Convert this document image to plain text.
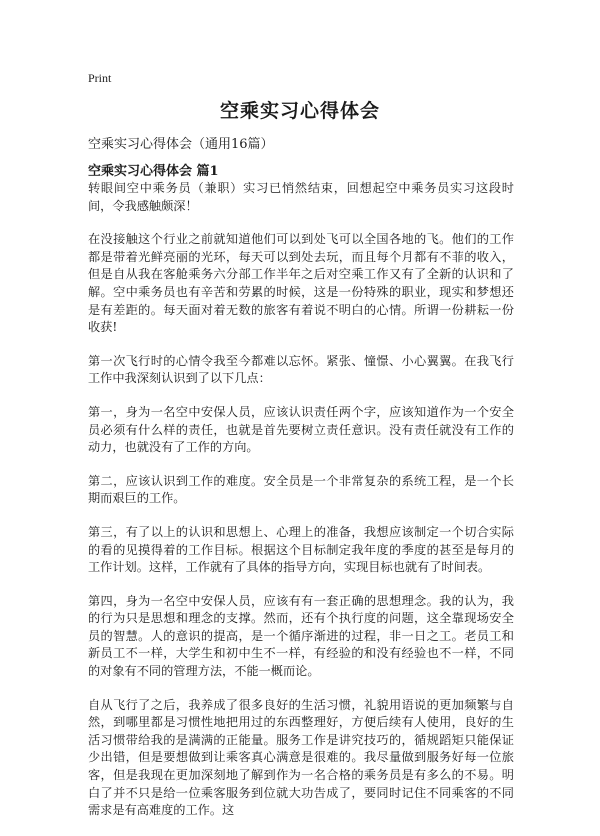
Print
空乘实习心得体会

空乘实习心得体会（通用16篇）

空乘实习心得体会 篇1

转眼间空中乘务员（兼职）实习已悄然结束，回想起空中乘务员实习这段时间，令我感触颇深！

在没接触这个行业之前就知道他们可以到处飞可以全国各地的飞。他们的工作都是带着光鲜亮丽的光环，每天可以到处去玩，而且每个月都有不菲的收入，但是自从我在客舱乘务六分部工作半年之后对空乘工作又有了全新的认识和了解。空中乘务员也有辛苦和劳累的时候，这是一份特殊的职业，现实和梦想还是有差距的。每天面对着无数的旅客有着说不明白的心情。所谓一份耕耘一份收获!

第一次飞行时的心情令我至今都难以忘怀。紧张、憧憬、小心翼翼。在我飞行工作中我深刻认识到了以下几点：

第一，身为一名空中安保人员，应该认识责任两个字，应该知道作为一个安全员必须有什么样的责任，也就是首先要树立责任意识。没有责任就没有工作的动力，也就没有了工作的方向。

第二，应该认识到工作的难度。安全员是一个非常复杂的系统工程，是一个长期而艰巨的工作。

第三，有了以上的认识和思想上、心理上的准备，我想应该制定一个切合实际的看的见摸得着的工作目标。根据这个目标制定我年度的季度的甚至是每月的工作计划。这样，工作就有了具体的指导方向，实现目标也就有了时间表。

第四，身为一名空中安保人员，应该有有一套正确的思想理念。我的认为，我的行为只是思想和理念的支撑。然而，还有个执行度的问题，这全靠现场安全员的智慧。人的意识的提高，是一个循序渐进的过程，非一日之工。老员工和新员工不一样，大学生和初中生不一样，有经验的和没有经验也不一样，不同的对象有不同的管理方法，不能一概而论。

自从飞行了之后，我养成了很多良好的生活习惯，礼貌用语说的更加频繁与自然，到哪里都是习惯性地把用过的东西整理好，方便后续有人使用，良好的生活习惯带给我的是满满的正能量。服务工作是讲究技巧的，循规蹈矩只能保证少出错，但是要想做到让乘客真心满意是很难的。我尽量做到服务好每一位旅客，但是我现在更加深刻地了解到作为一名合格的乘务员是有多么的不易。明白了并不只是给一位乘客服务到位就大功告成了，要同时记住不同乘客的不同需求是有高难度的工作。这
